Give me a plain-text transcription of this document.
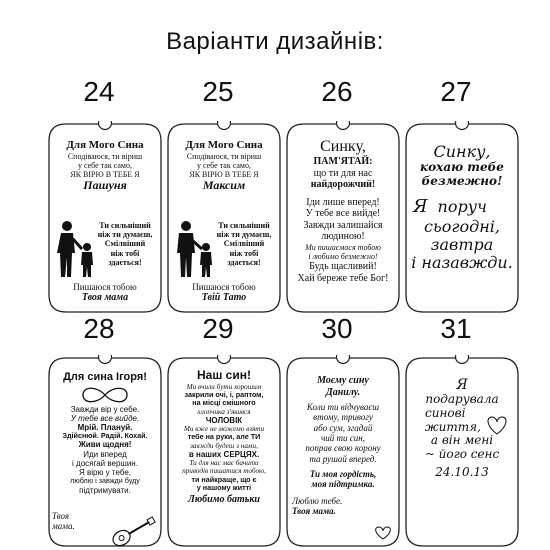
Варіанти дизайнів:
24	25	26	27
28	29	30	31
Для Мого Сина
Сподіваюся, ти віриш
у себе так само,
ЯК ВІРЮ В ТЕБЕ Я
Пашуня
Ти сильніший
ніж ти думаєш,
Смілвіший
ніж тобі
здається!
Пишаюся тобою
Твоя мама
Для Мого Сина
Сподіваюся, ти віриш
у себе так само,
ЯК ВІРЮ В ТЕБЕ Я
Максим
Ти сильніший
ніж ти думаєш,
Смілвіший
ніж тобі
здається!
Пишаюся тобою
Твій Тато
Синку,
ПАМ'ЯТАЙ:
що ти для нас
найдорожчий!
Іди лише вперед!
У тебе все вийде!
Завжди залишайся
людиною!
Ми пишаємося тобою
і любимо безмежно!
Будь щасливий!
Хай береже тебе Бог!
Синку,
кохаю тебе
безмежно!
Я поруч
сьогодні,
завтра
і назавжди.
Для сина Ігоря!
Завжди вір у себе.
У тебе все вийде.
Мрій. Плануй.
Здійснюй. Радій. Кохай.
Живи щодня!
Иди вперед
і досягай вершин.
Я вірю у тебе,
люблю і завжди буду
підтримувати.
Твоя
мама.
Наш син!
Ми вчили бути хорошим
закрили очі, і, раптом,
на місці смішного
хлопчика з'явився
ЧОЛОВІК
Ми вже не можемо взяти
тебе на руки, але ТИ
завжди будеш з нами,
в наших СЕРЦЯХ.
Ти для нас має бачити
приводів пишатися тобою,
ти найкраще, що є
у нашому житті
Любимо батьки
Моєму сину
Данилу.
Коли ти відчуваєш
втому, тривогу
або сум, згадай
чий ти син,
поправ свою корону
та рушай вперед.
Ти моя гордість,
моя підтримка.
Люблю тебе.
Твоя мама.
Я
подарувала
синові
життя,
а він мені
~ його сенс
24.10.13
